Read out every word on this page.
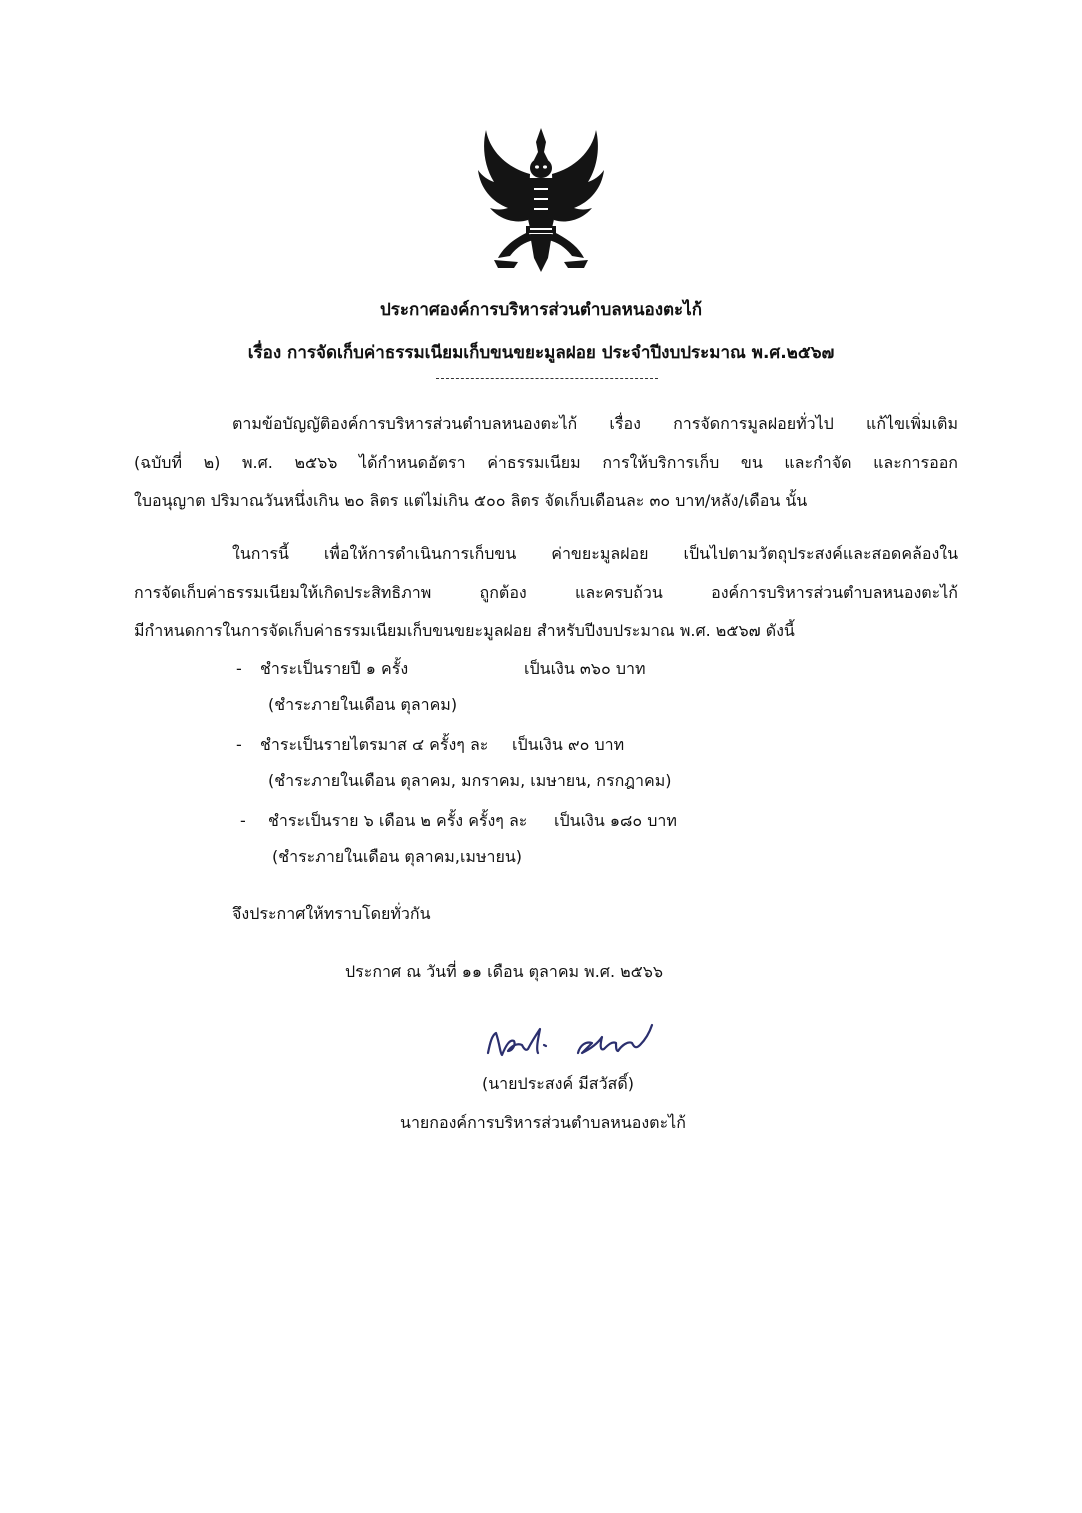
ประกาศองค์การบริหารส่วนตำบลหนองตะไก้
เรื่อง การจัดเก็บค่าธรรมเนียมเก็บขนขยะมูลฝอย ประจำปีงบประมาณ พ.ศ.๒๕๖๗
ตามข้อบัญญัติองค์การบริหารส่วนตำบลหนองตะไก้ เรื่อง การจัดการมูลฝอยทั่วไป แก้ไขเพิ่มเติม
(ฉบับที่ ๒) พ.ศ. ๒๕๖๖ ได้กำหนดอัตรา ค่าธรรมเนียม การให้บริการเก็บ ขน และกำจัด และการออก
ใบอนุญาต ปริมาณวันหนึ่งเกิน ๒๐ ลิตร แต่ไม่เกิน ๕๐๐ ลิตร จัดเก็บเดือนละ ๓๐ บาท/หลัง/เดือน นั้น
ในการนี้ เพื่อให้การดำเนินการเก็บขน ค่าขยะมูลฝอย เป็นไปตามวัตถุประสงค์และสอดคล้องใน
การจัดเก็บค่าธรรมเนียมให้เกิดประสิทธิภาพ ถูกต้อง และครบถ้วน องค์การบริหารส่วนตำบลหนองตะไก้
มีกำหนดการในการจัดเก็บค่าธรรมเนียมเก็บขนขยะมูลฝอย สำหรับปีงบประมาณ พ.ศ. ๒๕๖๗ ดังนี้
- ชำระเป็นรายปี ๑ ครั้ง	เป็นเงิน ๓๖๐ บาท
(ชำระภายในเดือน ตุลาคม)
- ชำระเป็นรายไตรมาส ๔ ครั้งๆ ละ เป็นเงิน ๙๐ บาท
(ชำระภายในเดือน ตุลาคม, มกราคม, เมษายน, กรกฎาคม)
- ชำระเป็นราย ๖ เดือน ๒ ครั้ง ครั้งๆ ละ เป็นเงิน ๑๘๐ บาท
(ชำระภายในเดือน ตุลาคม,เมษายน)
จึงประกาศให้ทราบโดยทั่วกัน
ประกาศ ณ วันที่ ๑๑ เดือน ตุลาคม พ.ศ. ๒๕๖๖
(นายประสงค์ มีสวัสดิ์)
นายกองค์การบริหารส่วนตำบลหนองตะไก้
